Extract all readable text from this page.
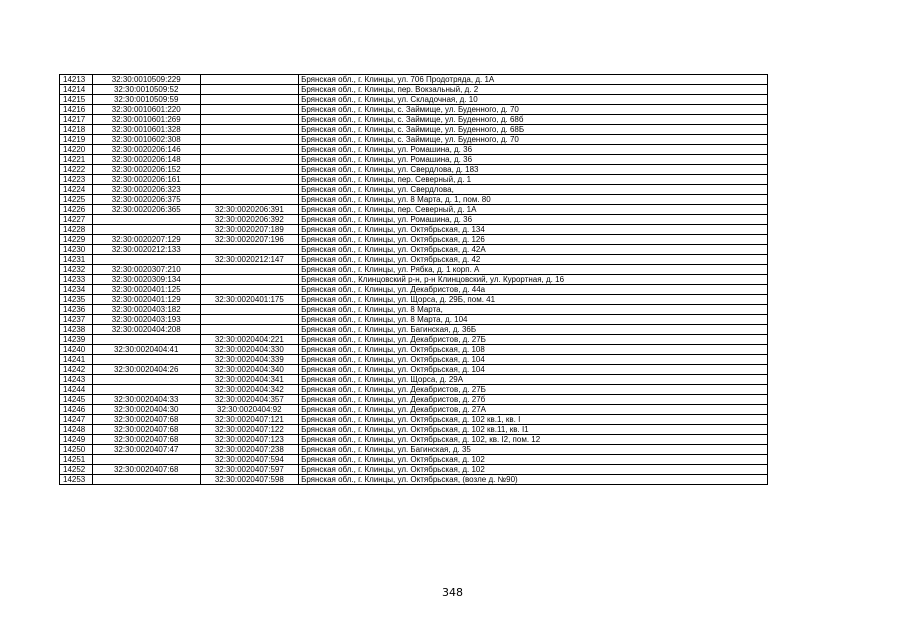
14213	32:30:0010509:229		Брянская обл., г. Клинцы, ул. 706 Продотряда, д. 1А
14214	32:30:0010509:52		Брянская обл., г. Клинцы, пер. Вокзальный, д. 2
14215	32:30:0010509:59		Брянская обл., г. Клинцы, ул. Складочная, д. 10
14216	32:30:0010601:220		Брянская обл., г. Клинцы, с. Займище, ул. Буденного, д. 70
14217	32:30:0010601:269		Брянская обл., г. Клинцы, с. Займище, ул. Буденного, д. 68б
14218	32:30:0010601:328		Брянская обл., г. Клинцы, с. Займище, ул. Буденного, д. 68Б
14219	32:30:0010602:308		Брянская обл., г. Клинцы, с. Займище, ул. Буденного, д. 70
14220	32:30:0020206:146		Брянская обл., г. Клинцы, ул. Ромашина, д. 36
14221	32:30:0020206:148		Брянская обл., г. Клинцы, ул. Ромашина, д. 36
14222	32:30:0020206:152		Брянская обл., г. Клинцы, ул. Свердлова, д. 183
14223	32:30:0020206:161		Брянская обл., г. Клинцы, пер. Северный, д. 1
14224	32:30:0020206:323		Брянская обл., г. Клинцы, ул. Свердлова,
14225	32:30:0020206:375		Брянская обл., г. Клинцы, ул. 8 Марта, д. 1, пом. 80
14226	32:30:0020206:365	32:30:0020206:391	Брянская обл., г. Клинцы, пер. Северный, д. 1А
14227		32:30:0020206:392	Брянская обл., г. Клинцы, ул. Ромашина, д. 36
14228		32:30:0020207:189	Брянская обл., г. Клинцы, ул. Октябрьская, д. 134
14229	32:30:0020207:129	32:30:0020207:196	Брянская обл., г. Клинцы, ул. Октябрьская, д. 126
14230	32:30:0020212:133		Брянская обл., г. Клинцы, ул. Октябрьская, д. 42А
14231		32:30:0020212:147	Брянская обл., г. Клинцы, ул. Октябрьская, д. 42
14232	32:30:0020307:210		Брянская обл., г. Клинцы, ул. Рябка, д. 1 корп. А
14233	32:30:0020309:134		Брянская обл., Клинцовский р-н, р-н Клинцовский, ул. Курортная, д. 16
14234	32:30:0020401:125		Брянская обл., г. Клинцы, ул. Декабристов, д. 44а
14235	32:30:0020401:129	32:30:0020401:175	Брянская обл., г. Клинцы, ул. Щорса, д. 29Б, пом. 41
14236	32:30:0020403:182		Брянская обл., г. Клинцы, ул. 8 Марта,
14237	32:30:0020403:193		Брянская обл., г. Клинцы, ул. 8 Марта, д. 104
14238	32:30:0020404:208		Брянская обл., г. Клинцы, ул. Багинская, д. 36Б
14239		32:30:0020404:221	Брянская обл., г. Клинцы, ул. Декабристов, д. 27Б
14240	32:30:0020404:41	32:30:0020404:330	Брянская обл., г. Клинцы, ул. Октябрьская, д. 108
14241		32:30:0020404:339	Брянская обл., г. Клинцы, ул. Октябрьская, д. 104
14242	32:30:0020404:26	32:30:0020404:340	Брянская обл., г. Клинцы, ул. Октябрьская, д. 104
14243		32:30:0020404:341	Брянская обл., г. Клинцы, ул. Щорса, д. 29А
14244		32:30:0020404:342	Брянская обл., г. Клинцы, ул. Декабристов, д. 27Б
14245	32:30:0020404:33	32:30:0020404:357	Брянская обл., г. Клинцы, ул. Декабристов, д. 27б
14246	32:30:0020404:30	32:30:0020404:92	Брянская обл., г. Клинцы, ул. Декабристов, д. 27А
14247	32:30:0020407:68	32:30:0020407:121	Брянская обл., г. Клинцы, ул. Октябрьская, д. 102 кв.1, кв. I
14248	32:30:0020407:68	32:30:0020407:122	Брянская обл., г. Клинцы, ул. Октябрьская, д. 102 кв.11, кв. I1
14249	32:30:0020407:68	32:30:0020407:123	Брянская обл., г. Клинцы, ул. Октябрьская, д. 102, кв. I2, пом. 12
14250	32:30:0020407:47	32:30:0020407:238	Брянская обл., г. Клинцы, ул. Багинская, д. 35
14251		32:30:0020407:594	Брянская обл., г. Клинцы, ул. Октябрьская, д. 102
14252	32:30:0020407:68	32:30:0020407:597	Брянская обл., г. Клинцы, ул. Октябрьская, д. 102
14253		32:30:0020407:598	Брянская обл., г. Клинцы, ул. Октябрьская, (возле д. №90)
348
